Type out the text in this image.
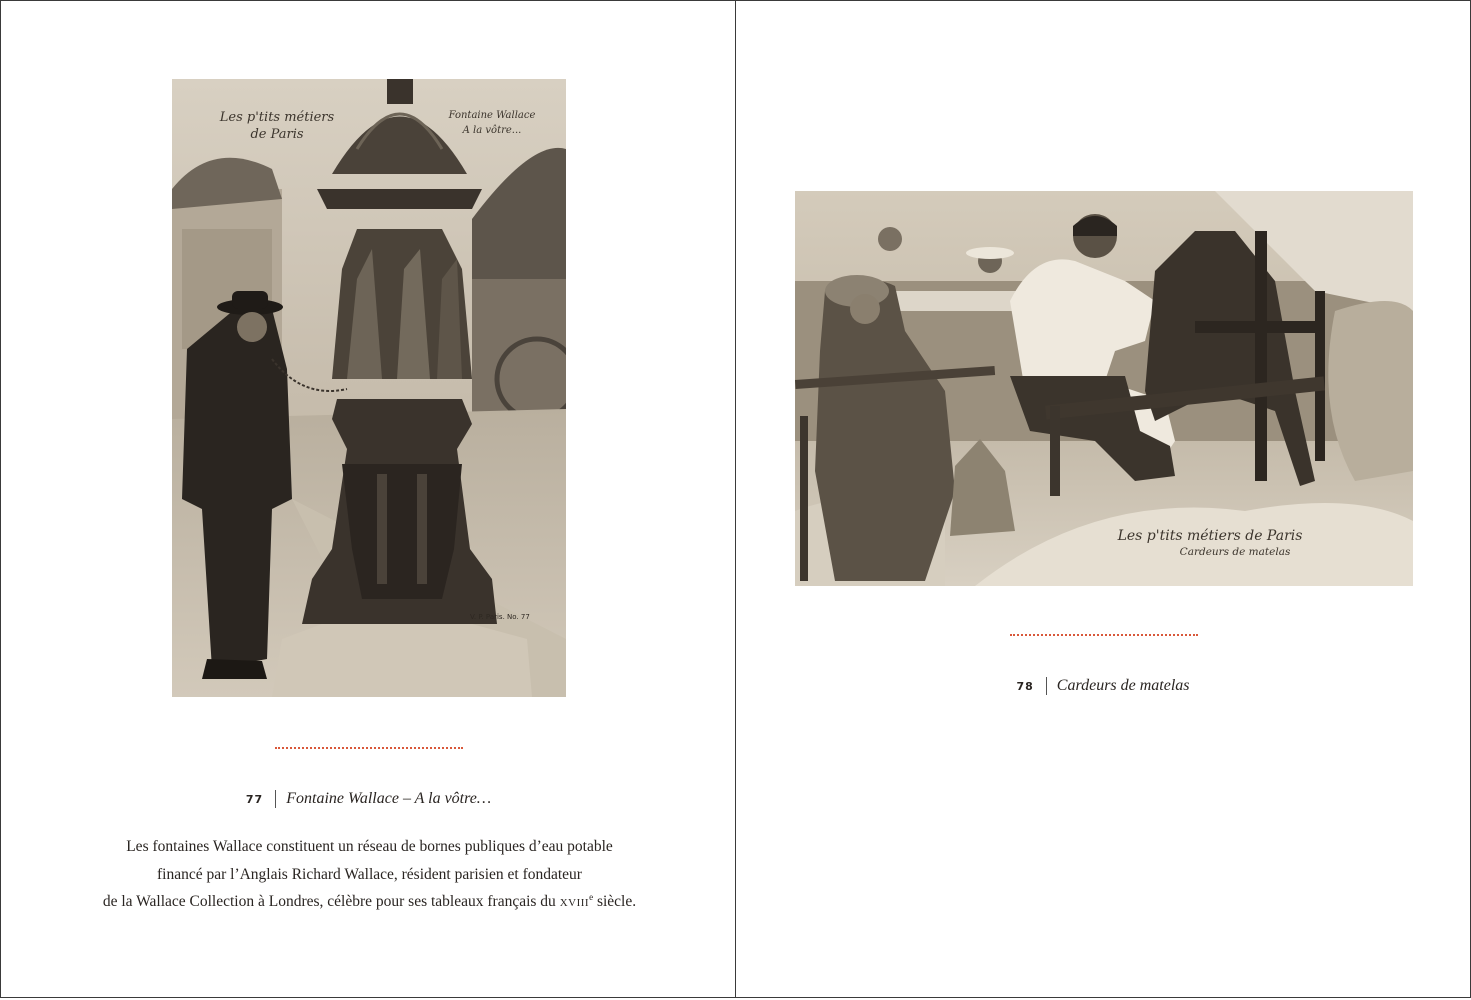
Les p'tits métiers
de Paris
Fontaine Wallace
A la vôtre...
V. P. Paris. No. 77
77 Fontaine Wallace – A la vôtre…

Les fontaines Wallace constituent un réseau de bornes publiques d’eau potable

financé par l’Anglais Richard Wallace, résident parisien et fondateur

de la Wallace Collection à Londres, célèbre pour ses tableaux français du xviii$^e$ siècle.

Les p'tits métiers de Paris
Cardeurs de matelas
78 Cardeurs de matelas
